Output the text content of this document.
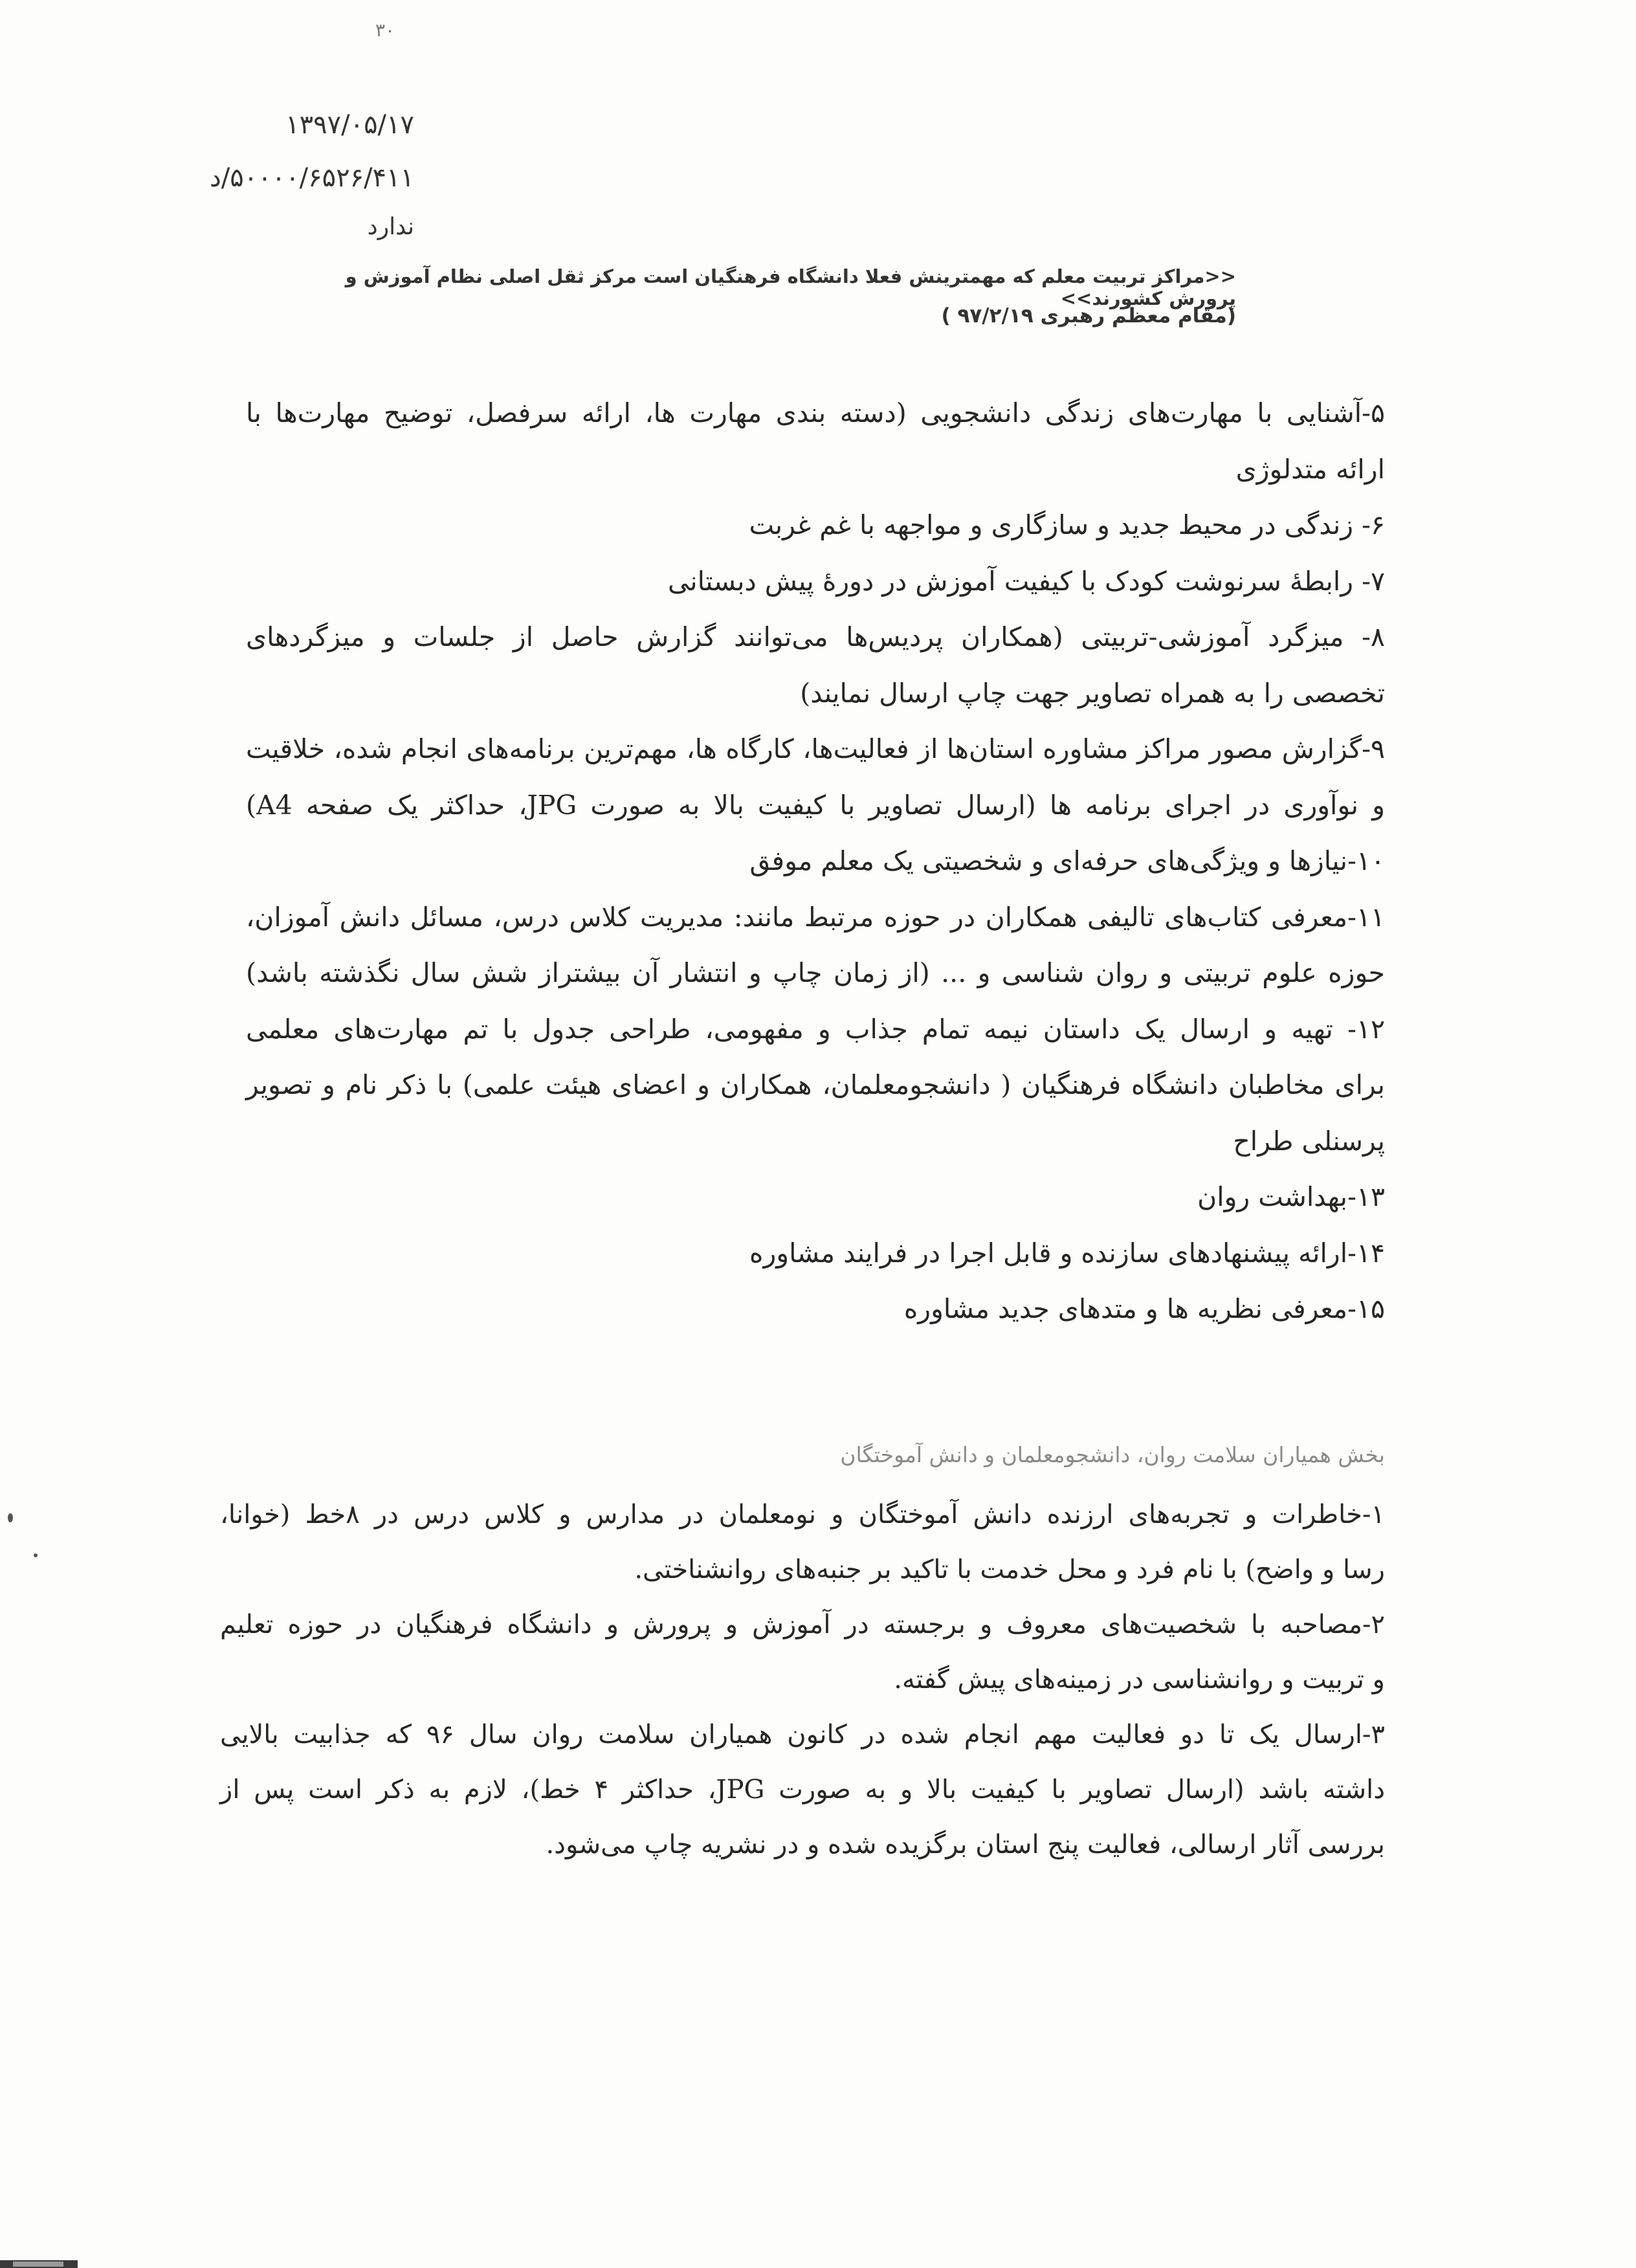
۳۰
۱۳۹۷/۰۵/۱۷
۵۰۰۰۰/۶۵۲۶/۴۱۱/د
ندارد
<<مراکز تربیت معلم که مهمترینش فعلا دانشگاه فرهنگیان است مرکز ثقل اصلی نظام آموزش و پرورش کشورند>>
(مقام معظم رهبری ۹۷/۲/۱۹ )
۵-آشنایی با مهارت‌های زندگی دانشجویی (دسته بندی مهارت ها، ارائه سرفصل، توضیح مهارت‌ها با
ارائه متدلوژی
۶- زندگی در محیط جدید و سازگاری و مواجهه با غم غربت
۷- رابطهٔ سرنوشت کودک با کیفیت آموزش در دورهٔ پیش دبستانی
۸- میزگرد آموزشی-تربیتی (همکاران پردیس‌ها می‌توانند گزارش حاصل از جلسات و میزگردهای
تخصصی را به همراه تصاویر جهت چاپ ارسال نمایند)
۹-گزارش مصور مراکز مشاوره استان‌ها از فعالیت‌ها، کارگاه ها، مهم‌ترین برنامه‌های انجام شده، خلاقیت
و نوآوری در اجرای برنامه ها (ارسال تصاویر با کیفیت بالا به صورت JPG، حداکثر یک صفحه A4)
۱۰-نیازها و ویژگی‌های حرفه‌ای و شخصیتی یک معلم موفق
۱۱-معرفی کتاب‌های تالیفی همکاران در حوزه مرتبط مانند: مدیریت کلاس درس، مسائل دانش آموزان،
حوزه علوم تربیتی و روان شناسی و ... (از زمان چاپ و انتشار آن بیشتراز شش سال نگذشته باشد)
۱۲- تهیه و ارسال یک داستان نیمه تمام جذاب و مفهومی، طراحی جدول با تم مهارت‌های معلمی
برای مخاطبان دانشگاه فرهنگیان ( دانشجومعلمان، همکاران و اعضای هیئت علمی) با ذکر نام و تصویر
پرسنلی طراح
۱۳-بهداشت روان
۱۴-ارائه پیشنهادهای سازنده و قابل اجرا در فرایند مشاوره
۱۵-معرفی نظریه ها و متدهای جدید مشاوره
بخش همیاران سلامت روان، دانشجومعلمان و دانش آموختگان
۱-خاطرات و تجربه‌های ارزنده دانش آموختگان و نومعلمان در مدارس و کلاس درس در ۸خط (خوانا،
رسا و واضح) با نام فرد و محل خدمت با تاکید بر جنبه‌های روانشناختی.
۲-مصاحبه با شخصیت‌های معروف و برجسته در آموزش و پرورش و دانشگاه فرهنگیان در حوزه تعلیم
و تربیت و روانشناسی در زمینه‌های پیش گفته.
۳-ارسال یک تا دو فعالیت مهم انجام شده در کانون همیاران سلامت روان سال ۹۶ که جذابیت بالایی
داشته باشد (ارسال تصاویر با کیفیت بالا و به صورت JPG، حداکثر ۴ خط)، لازم به ذکر است پس از
بررسی آثار ارسالی، فعالیت پنج استان برگزیده شده و در نشریه چاپ می‌شود.
